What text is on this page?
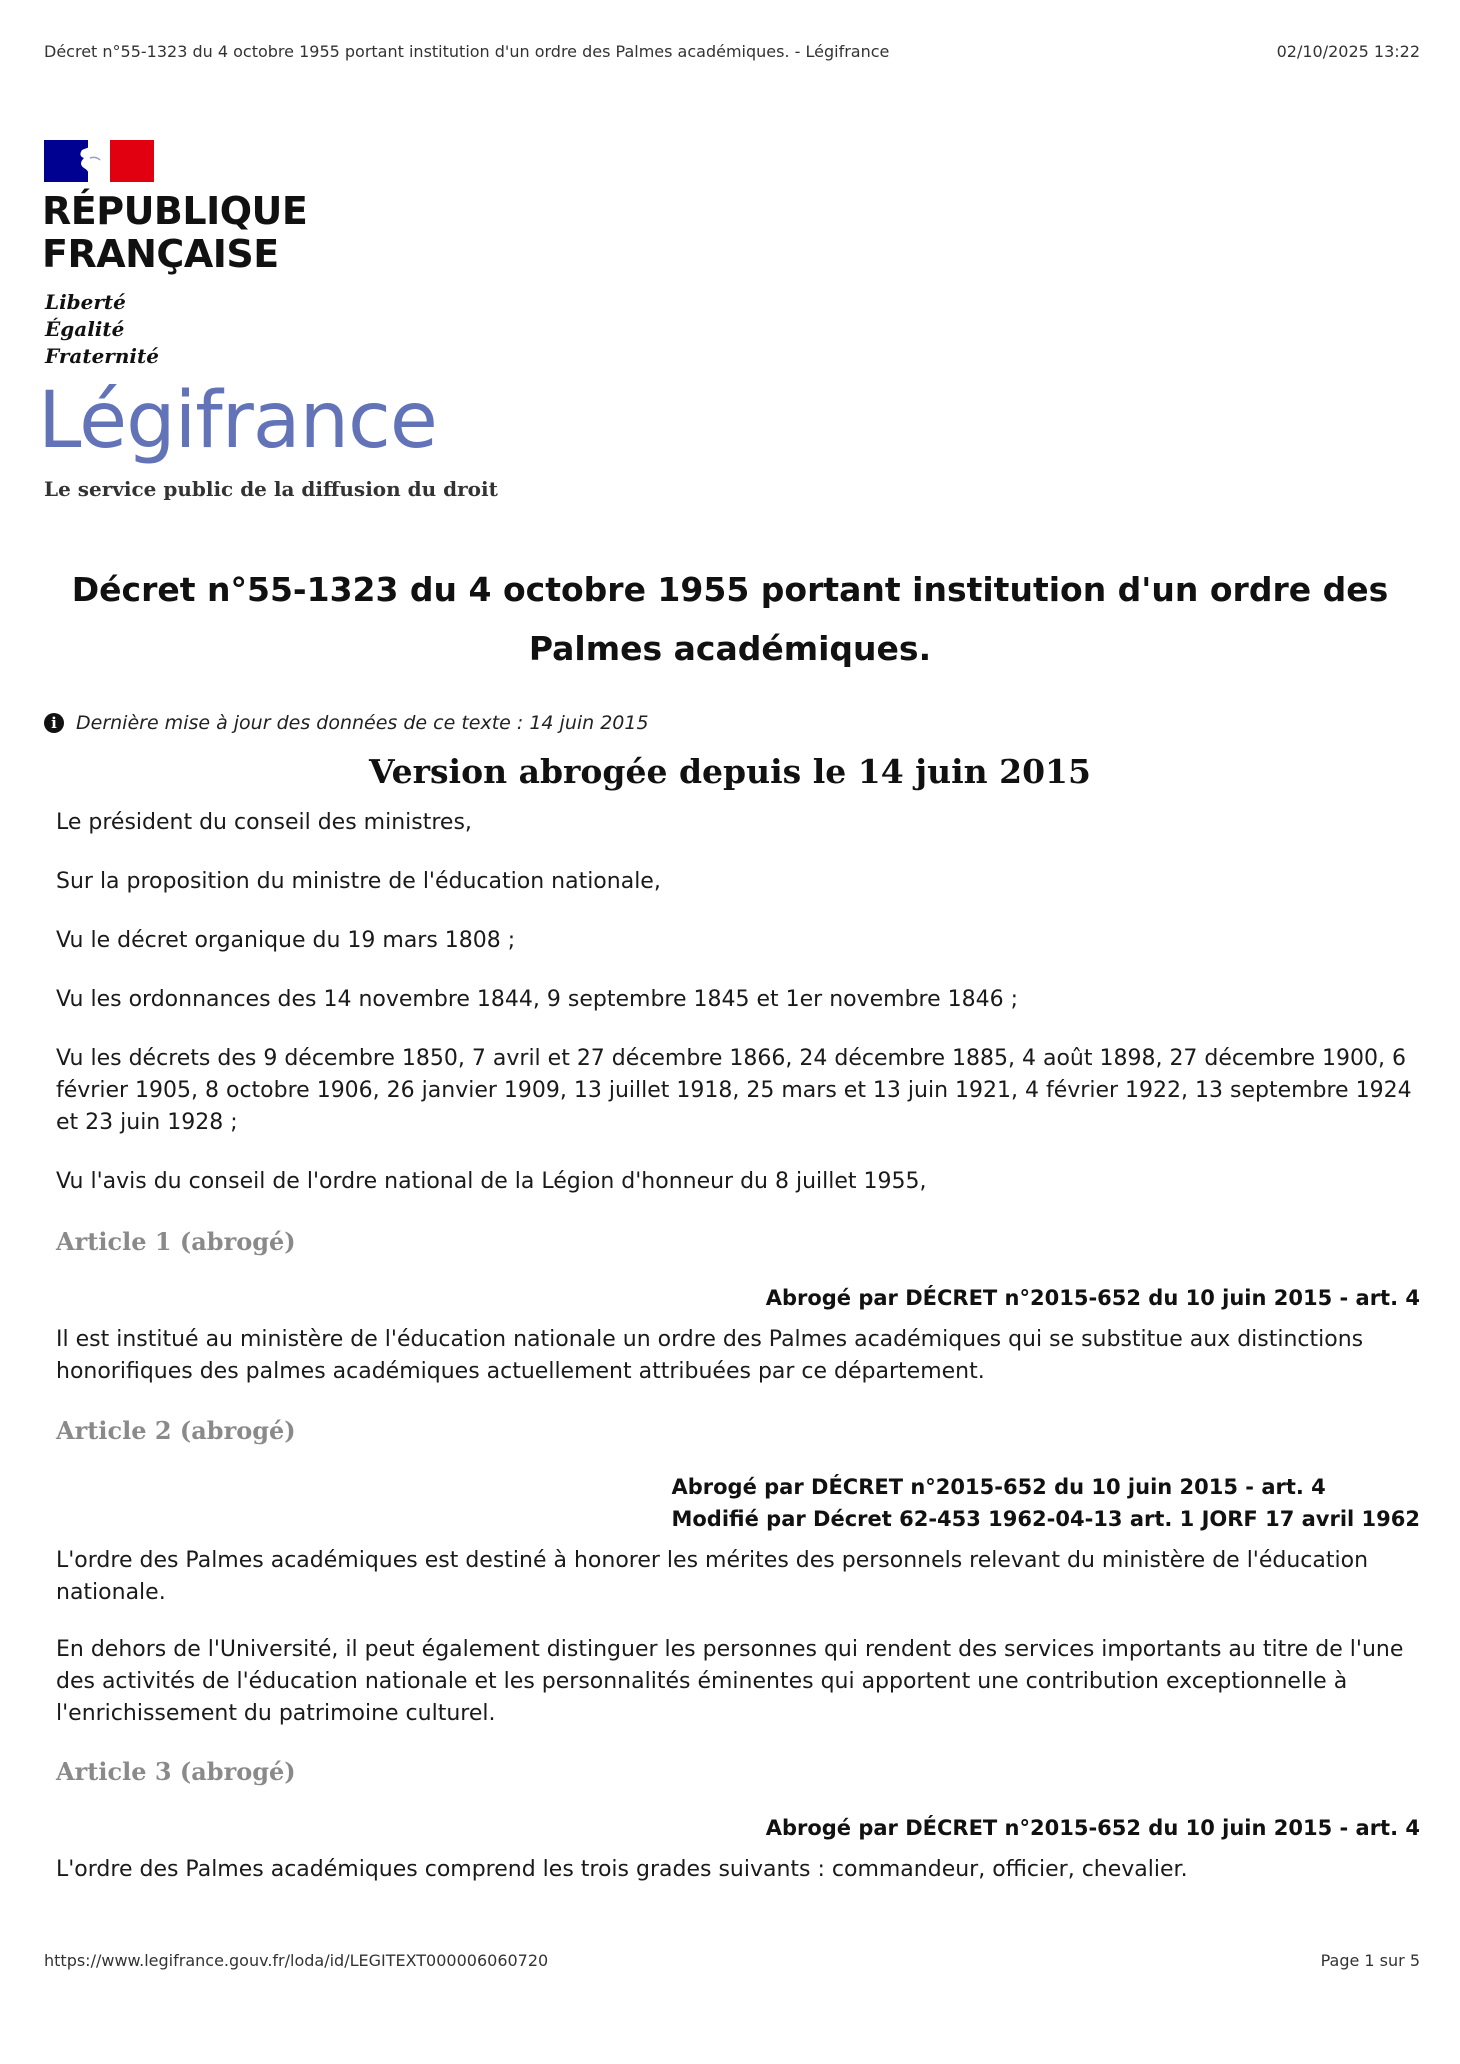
Décret n°55-1323 du 4 octobre 1955 portant institution d'un ordre des Palmes académiques. - Légifrance	02/10/2025 13:22
RÉPUBLIQUE
FRANÇAISE
Liberté
Égalité
Fraternité
Légifrance
Le service public de la diffusion du droit
Décret n°55-1323 du 4 octobre 1955 portant institution d'un ordre des Palmes académiques.
i	Dernière mise à jour des données de ce texte : 14 juin 2015
Version abrogée depuis le 14 juin 2015

Le président du conseil des ministres,

Sur la proposition du ministre de l'éducation nationale,

Vu le décret organique du 19 mars 1808 ;

Vu les ordonnances des 14 novembre 1844, 9 septembre 1845 et 1er novembre 1846 ;

Vu les décrets des 9 décembre 1850, 7 avril et 27 décembre 1866, 24 décembre 1885, 4 août 1898, 27 décembre 1900, 6 février 1905, 8 octobre 1906, 26 janvier 1909, 13 juillet 1918, 25 mars et 13 juin 1921, 4 février 1922, 13 septembre 1924 et 23 juin 1928 ;

Vu l'avis du conseil de l'ordre national de la Légion d'honneur du 8 juillet 1955,

Article 1 (abrogé)
Abrogé par DÉCRET n°2015-652 du 10 juin 2015 - art. 4

Il est institué au ministère de l'éducation nationale un ordre des Palmes académiques qui se substitue aux distinctions honorifiques des palmes académiques actuellement attribuées par ce département.

Article 2 (abrogé)
Abrogé par DÉCRET n°2015-652 du 10 juin 2015 - art. 4
Modifié par Décret 62-453 1962-04-13 art. 1 JORF 17 avril 1962

L'ordre des Palmes académiques est destiné à honorer les mérites des personnels relevant du ministère de l'éducation nationale.

En dehors de l'Université, il peut également distinguer les personnes qui rendent des services importants au titre de l'une des activités de l'éducation nationale et les personnalités éminentes qui apportent une contribution exceptionnelle à l'enrichissement du patrimoine culturel.

Article 3 (abrogé)
Abrogé par DÉCRET n°2015-652 du 10 juin 2015 - art. 4

L'ordre des Palmes académiques comprend les trois grades suivants : commandeur, officier, chevalier.

https://www.legifrance.gouv.fr/loda/id/LEGITEXT000006060720	Page 1 sur 5
